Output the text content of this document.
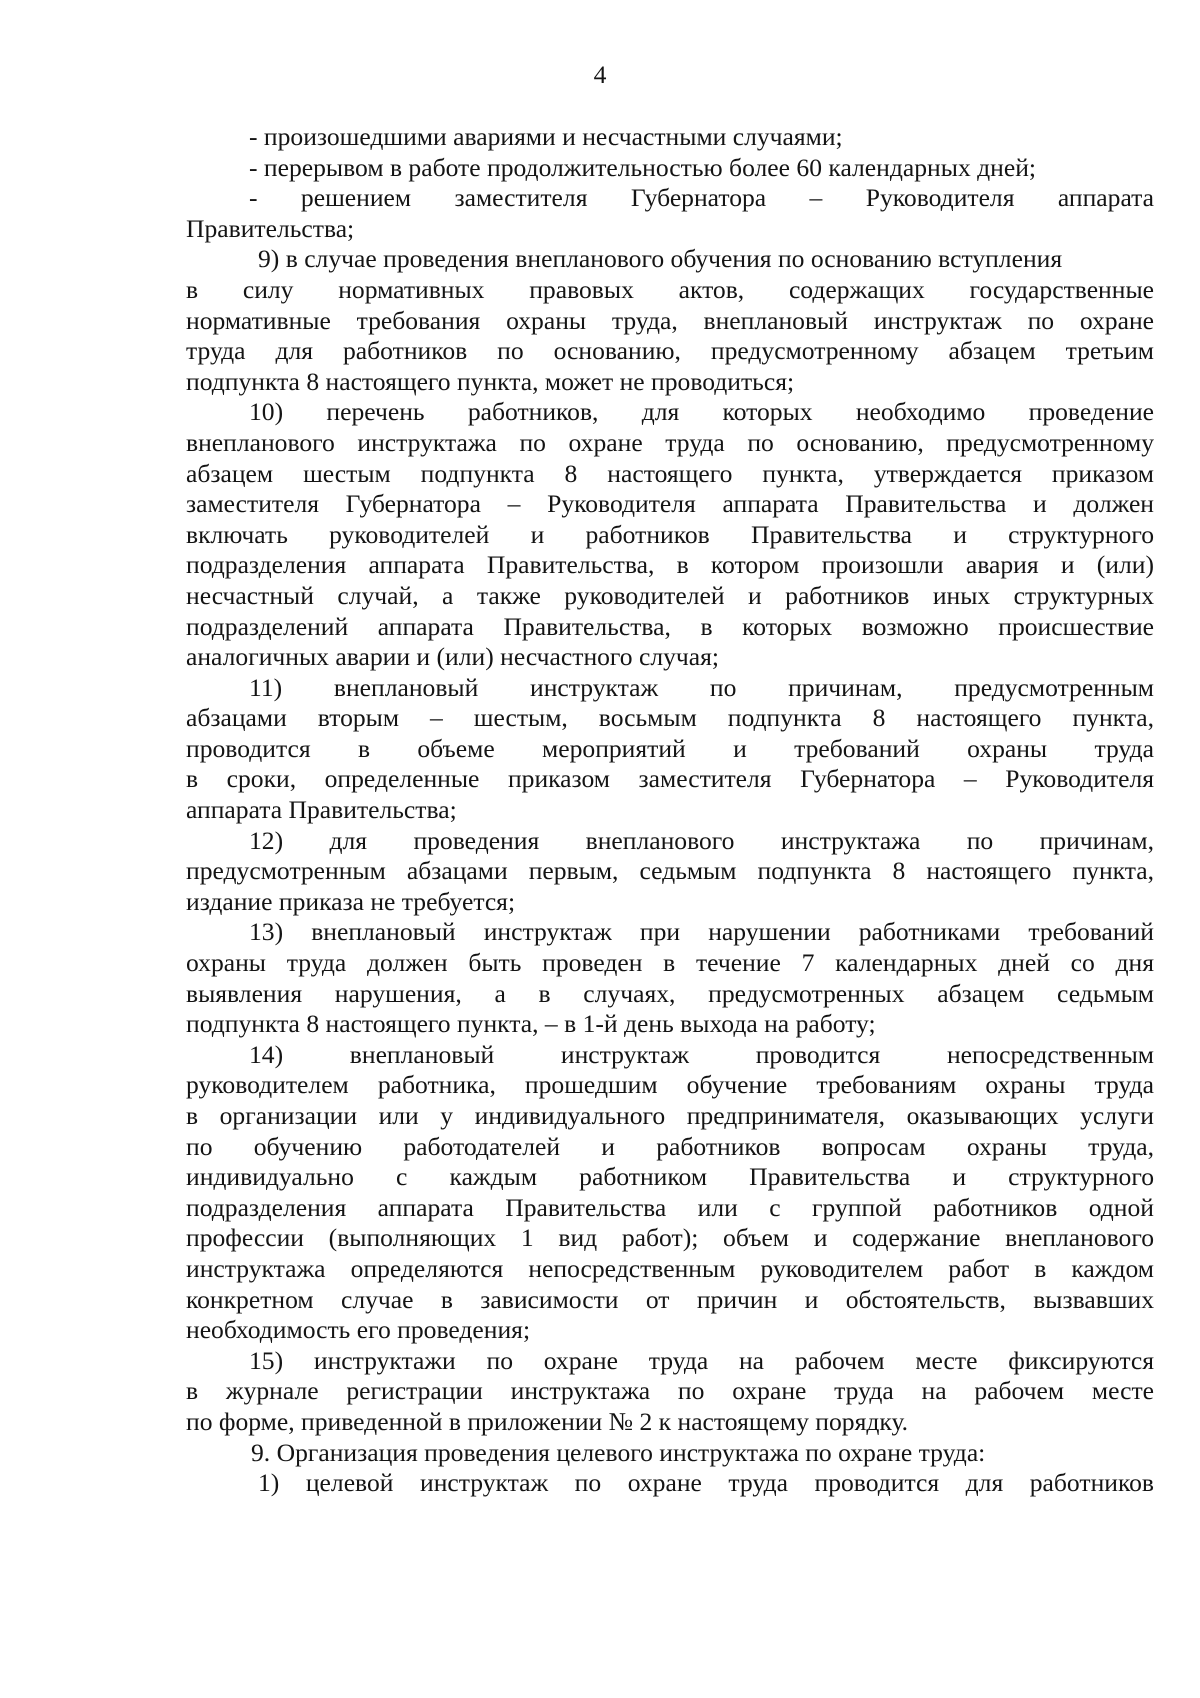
4
- произошедшими авариями и несчастными случаями;
- перерывом в работе продолжительностью более 60 календарных дней;
- решением заместителя Губернатора – Руководителя аппарата
Правительства;
9) в случае проведения внепланового обучения по основанию вступления
в силу нормативных правовых актов, содержащих государственные
нормативные требования охраны труда, внеплановый инструктаж по охране
труда для работников по основанию, предусмотренному абзацем третьим
подпункта 8 настоящего пункта, может не проводиться;
10) перечень работников, для которых необходимо проведение
внепланового инструктажа по охране труда по основанию, предусмотренному
абзацем шестым подпункта 8 настоящего пункта, утверждается приказом
заместителя Губернатора – Руководителя аппарата Правительства и должен
включать руководителей и работников Правительства и структурного
подразделения аппарата Правительства, в котором произошли авария и (или)
несчастный случай, а также руководителей и работников иных структурных
подразделений аппарата Правительства, в которых возможно происшествие
аналогичных аварии и (или) несчастного случая;
11) внеплановый инструктаж по причинам, предусмотренным
абзацами вторым – шестым, восьмым подпункта 8 настоящего пункта,
проводится в объеме мероприятий и требований охраны труда
в сроки, определенные приказом заместителя Губернатора – Руководителя
аппарата Правительства;
12) для проведения внепланового инструктажа по причинам,
предусмотренным абзацами первым, седьмым подпункта 8 настоящего пункта,
издание приказа не требуется;
13) внеплановый инструктаж при нарушении работниками требований
охраны труда должен быть проведен в течение 7 календарных дней со дня
выявления нарушения, а в случаях, предусмотренных абзацем седьмым
подпункта 8 настоящего пункта, – в 1-й день выхода на работу;
14) внеплановый инструктаж проводится непосредственным
руководителем работника, прошедшим обучение требованиям охраны труда
в организации или у индивидуального предпринимателя, оказывающих услуги
по обучению работодателей и работников вопросам охраны труда,
индивидуально с каждым работником Правительства и структурного
подразделения аппарата Правительства или с группой работников одной
профессии (выполняющих 1 вид работ); объем и содержание внепланового
инструктажа определяются непосредственным руководителем работ в каждом
конкретном случае в зависимости от причин и обстоятельств, вызвавших
необходимость его проведения;
15) инструктажи по охране труда на рабочем месте фиксируются
в журнале регистрации инструктажа по охране труда на рабочем месте
по форме, приведенной в приложении № 2 к настоящему порядку.
9. Организация проведения целевого инструктажа по охране труда:
1) целевой инструктаж по охране труда проводится для работников
